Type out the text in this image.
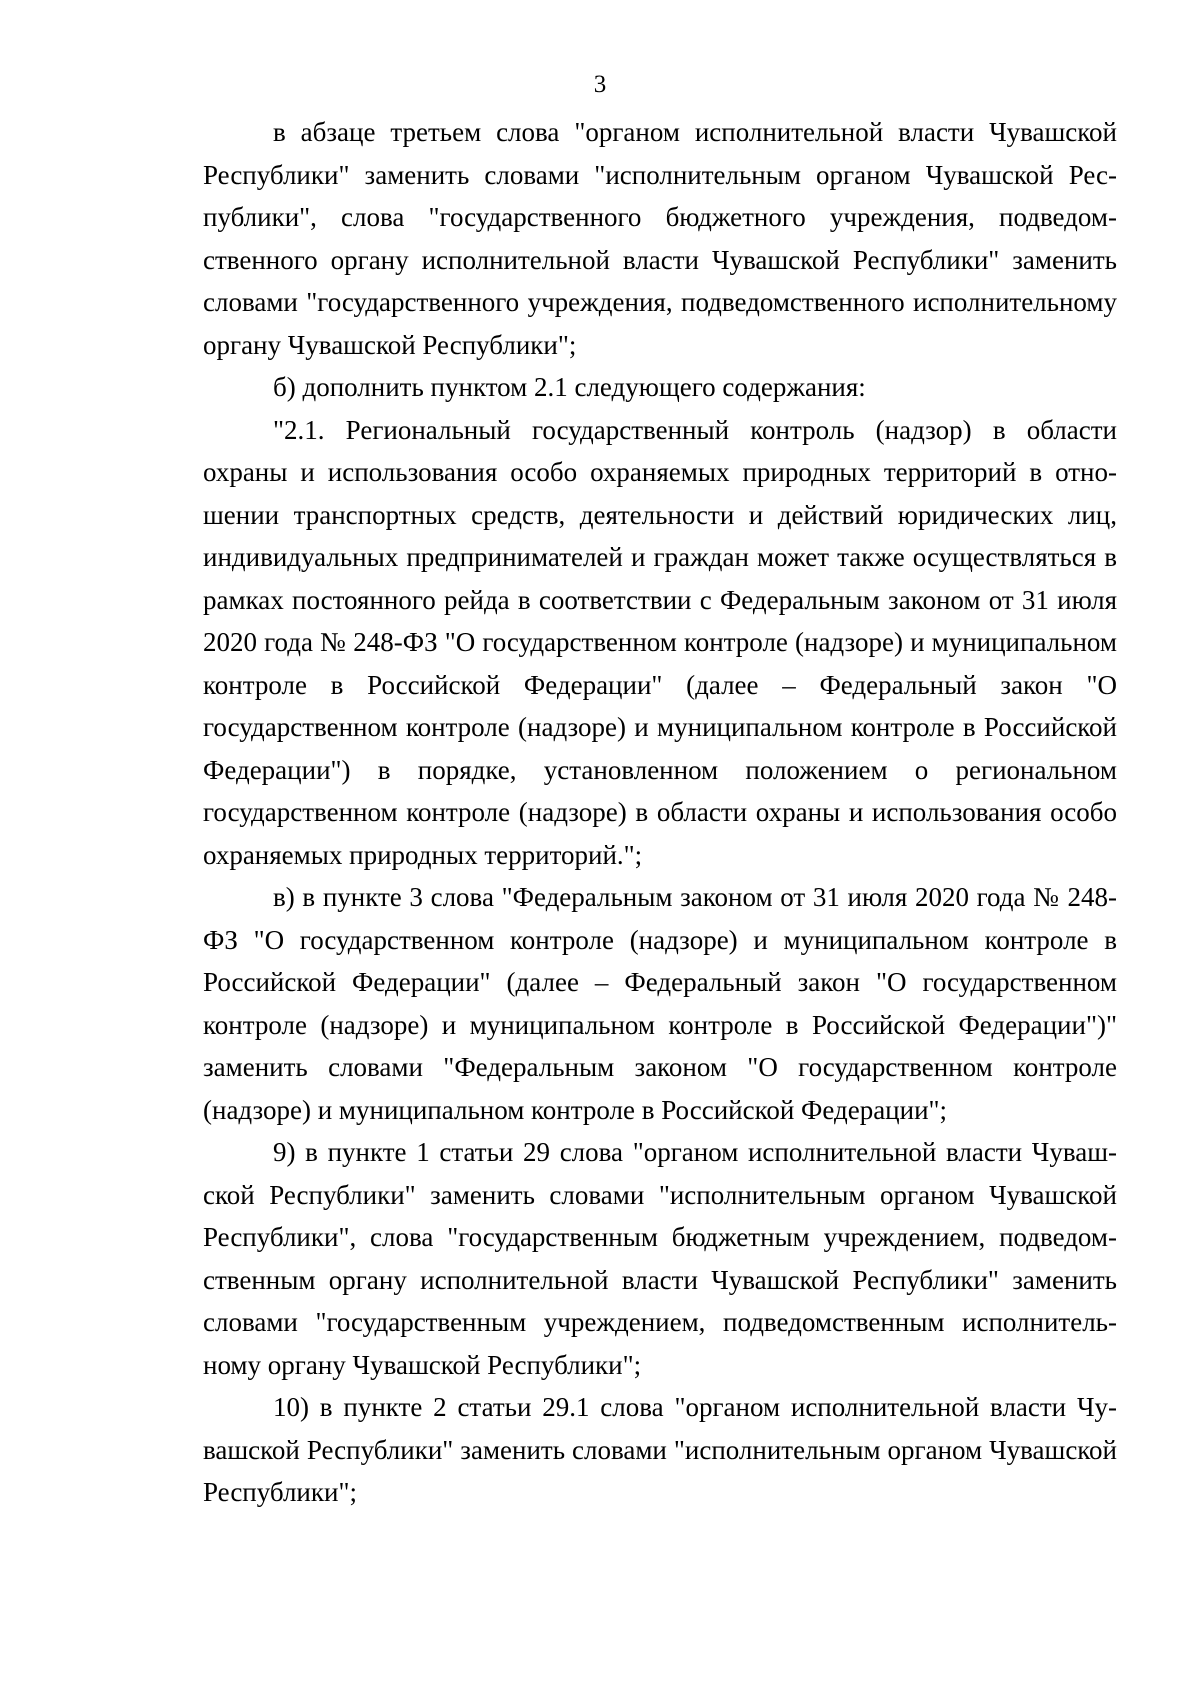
3

в абзаце третьем слова "органом исполнительной власти Чувашской Республики" заменить словами "исполнительным органом Чувашской Республики", слова "государственного бюджетного учреждения, подведомственного органу исполнительной власти Чувашской Республики" заменить словами "государственного учреждения, подведомственного исполнительному органу Чувашской Республики";

б) дополнить пунктом 2.1 следующего содержания:

"2.1. Региональный государственный контроль (надзор) в области охраны и использования особо охраняемых природных территорий в отношении транспортных средств, деятельности и действий юридических лиц, индивидуальных предпринимателей и граждан может также осуществляться в рамках постоянного рейда в соответствии с Федеральным законом от 31 июля 2020 года № 248-ФЗ "О государственном контроле (надзоре) и муниципальном контроле в Российской Федерации" (далее – Федеральный закон "О государственном контроле (надзоре) и муниципальном контроле в Российской Федерации") в порядке, установленном положением о региональном государственном контроле (надзоре) в области охраны и использования особо охраняемых природных территорий.";

в) в пункте 3 слова "Федеральным законом от 31 июля 2020 года № 248-ФЗ "О государственном контроле (надзоре) и муниципальном контроле в Российской Федерации" (далее – Федеральный закон "О государственном контроле (надзоре) и муниципальном контроле в Российской Федерации")" заменить словами "Федеральным законом "О государственном контроле (надзоре) и муниципальном контроле в Российской Федерации";

9) в пункте 1 статьи 29 слова "органом исполнительной власти Чувашской Республики" заменить словами "исполнительным органом Чувашской Республики", слова "государственным бюджетным учреждением, подведомственным органу исполнительной власти Чувашской Республики" заменить словами "государственным учреждением, подведомственным исполнительному органу Чувашской Республики";

10) в пункте 2 статьи 29.1 слова "органом исполнительной власти Чувашской Республики" заменить словами "исполнительным органом Чувашской Республики";
